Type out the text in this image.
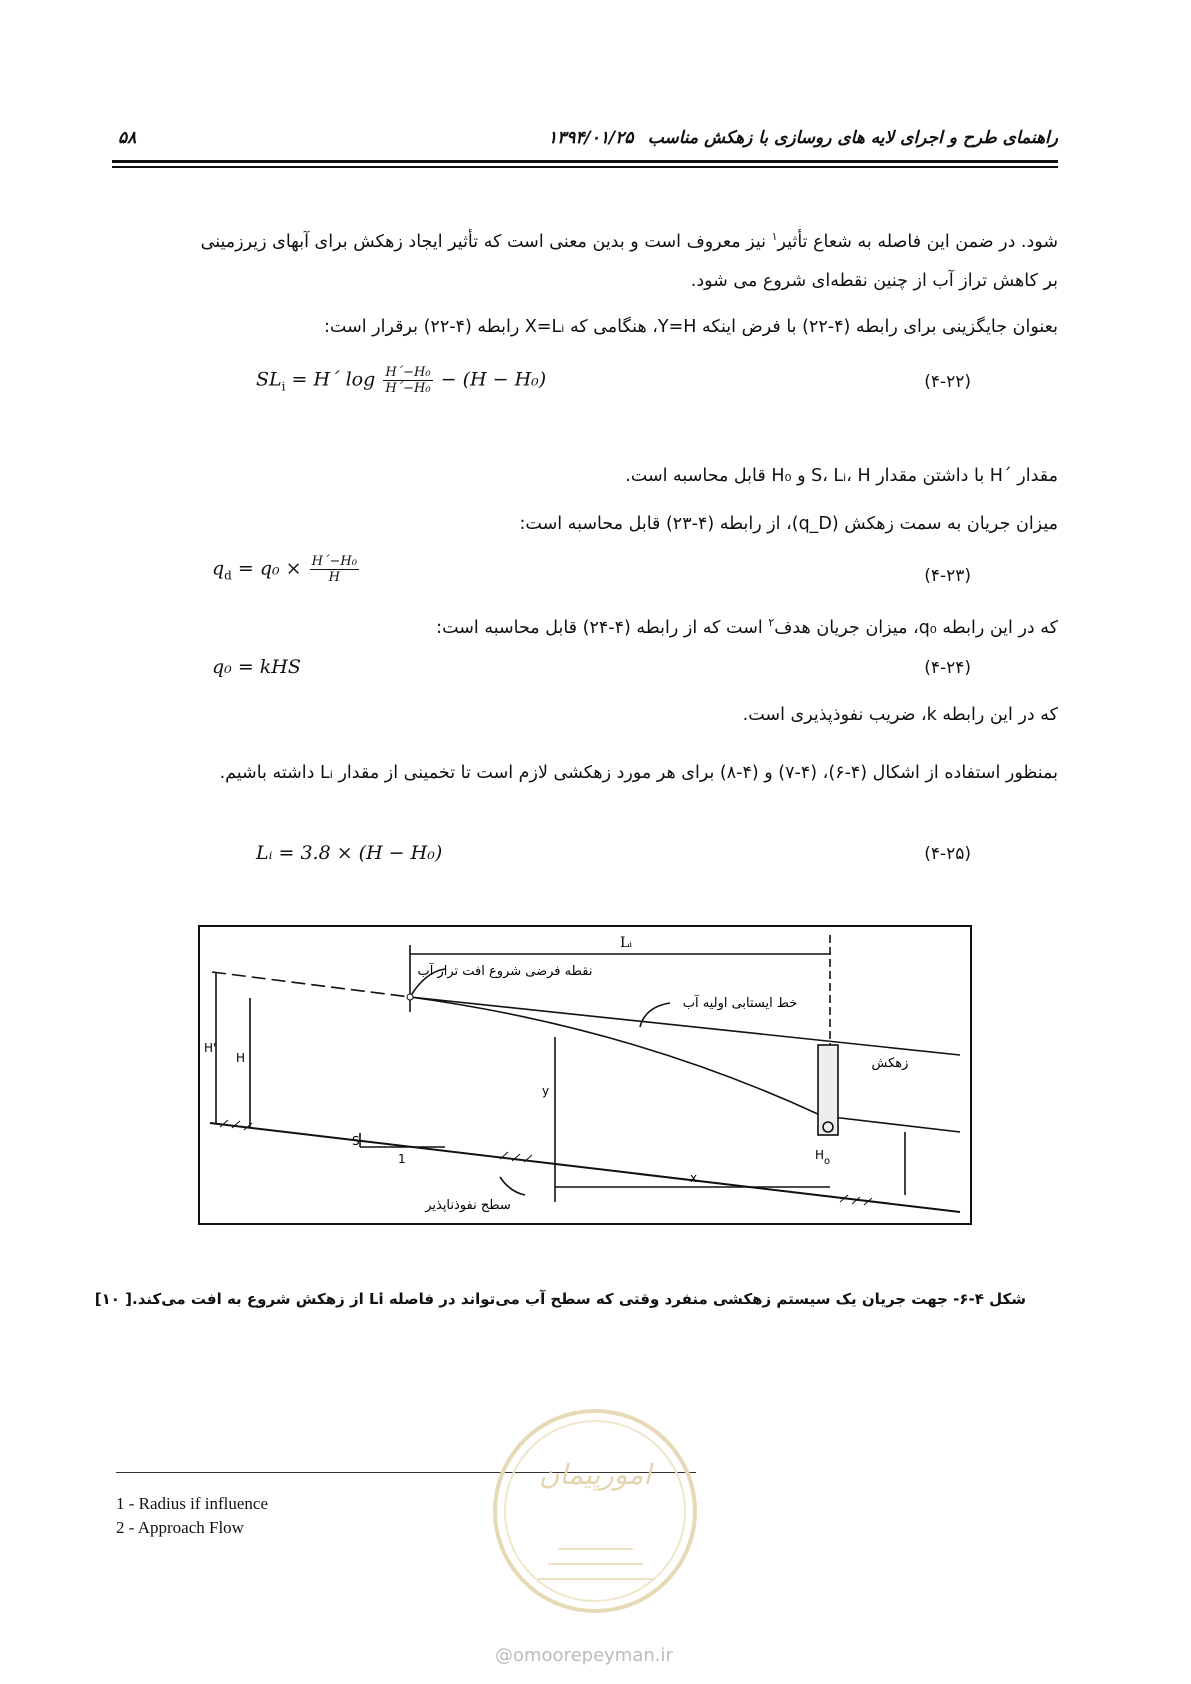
۵۸	۱۳۹۴/۰۱/۲۵ راهنمای طرح و اجرای لایه های روسازی با زهکش مناسب
شود. در ضمن این فاصله به شعاع تأثیر$^۱$ نیز معروف است و بدین معنی است که تأثیر ایجاد زهکش برای آبهای زیرزمینی
بر کاهش تراز آب از چنین نقطه‌ای شروع می شود.
بعنوان جایگزینی برای رابطه (۴-۲۲) با فرض اینکه Y=H، هنگامی که X=Lᵢ رابطه (۴-۲۲) برقرار است:
$SL_i$ = H´ $\log \frac{\text{H´−H₀}}{\text{H´−H₀}} - (H - H_0)$	(۴-۲۲)
مقدار ´H با داشتن مقدار S، Lᵢ، H و H₀ قابل محاسبه است.
میزان جریان به سمت زهکش (q_D)، از رابطه (۴-۲۳) قابل محاسبه است:
$q_d = q_0 \times \frac{\text{H´−H₀}}{H}$	(۴-۲۳)
که در این رابطه q₀، میزان جریان هدف$^۲$ است که از رابطه (۴-۲۴) قابل محاسبه است:
q₀ = kHS	(۴-۲۴)
که در این رابطه k، ضریب نفوذپذیری است.
بمنظور استفاده از اشکال (۴-۶)، (۴-۷) و (۴-۸) برای هر مورد زهکشی لازم است تا تخمینی از مقدار Lᵢ داشته باشیم.
Lᵢ = 3.8 × (H − H₀)	(۴-۲۵)
Lᵢ
نقطه فرضی شروع افت تراز آب
خط ایستابی اولیه آب
زهکش
سطح نفوذناپذیر
H'
H
y
x
S
1	$H_o$
شکل ۴-۶- جهت جریان یک سیستم زهکشی منفرد وقتی که سطح آب می‌تواند در فاصله Li از زهکش شروع به افت می‌کند.[ ۱۰]
1 - Radius if influence
2 - Approach Flow
امورپیمان
@omoorepeyman.ir
